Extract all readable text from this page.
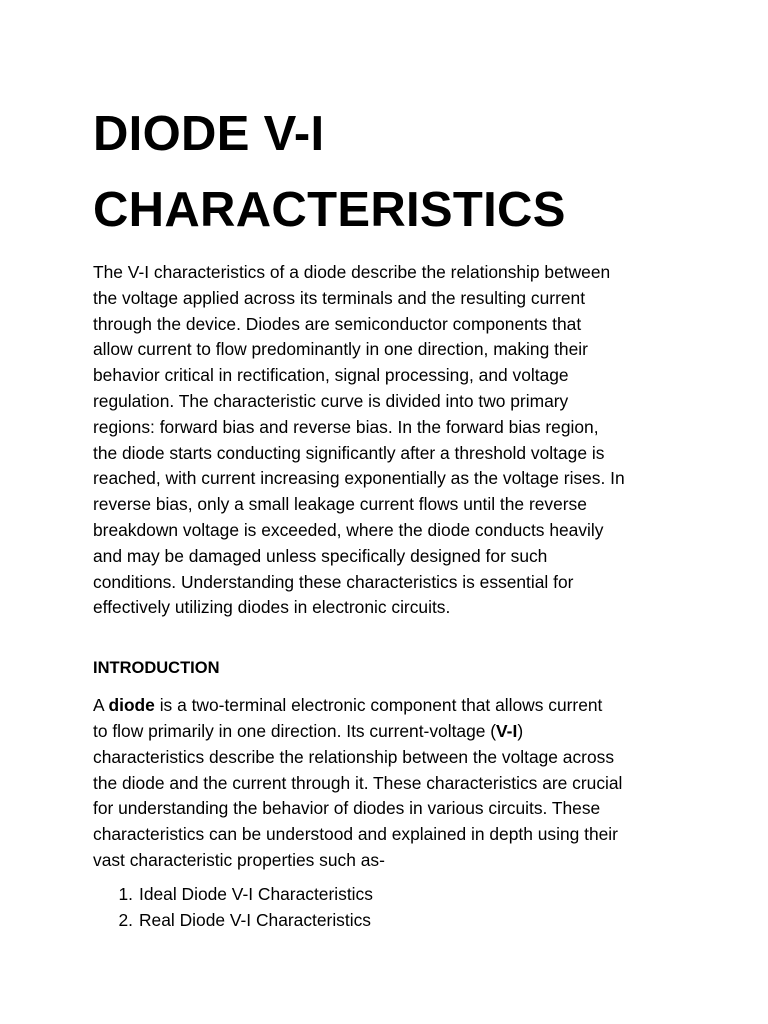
DIODE V-I
CHARACTERISTICS

The V-I characteristics of a diode describe the relationship between
the voltage applied across its terminals and the resulting current
through the device. Diodes are semiconductor components that
allow current to flow predominantly in one direction, making their
behavior critical in rectification, signal processing, and voltage
regulation. The characteristic curve is divided into two primary
regions: forward bias and reverse bias. In the forward bias region,
the diode starts conducting significantly after a threshold voltage is
reached, with current increasing exponentially as the voltage rises. In
reverse bias, only a small leakage current flows until the reverse
breakdown voltage is exceeded, where the diode conducts heavily
and may be damaged unless specifically designed for such
conditions. Understanding these characteristics is essential for
effectively utilizing diodes in electronic circuits.

INTRODUCTION

A diode is a two-terminal electronic component that allows current
to flow primarily in one direction. Its current-voltage (V-I)
characteristics describe the relationship between the voltage across
the diode and the current through it. These characteristics are crucial
for understanding the behavior of diodes in various circuits. These
characteristics can be understood and explained in depth using their
vast characteristic properties such as-

1. Ideal Diode V-I Characteristics
2. Real Diode V-I Characteristics
